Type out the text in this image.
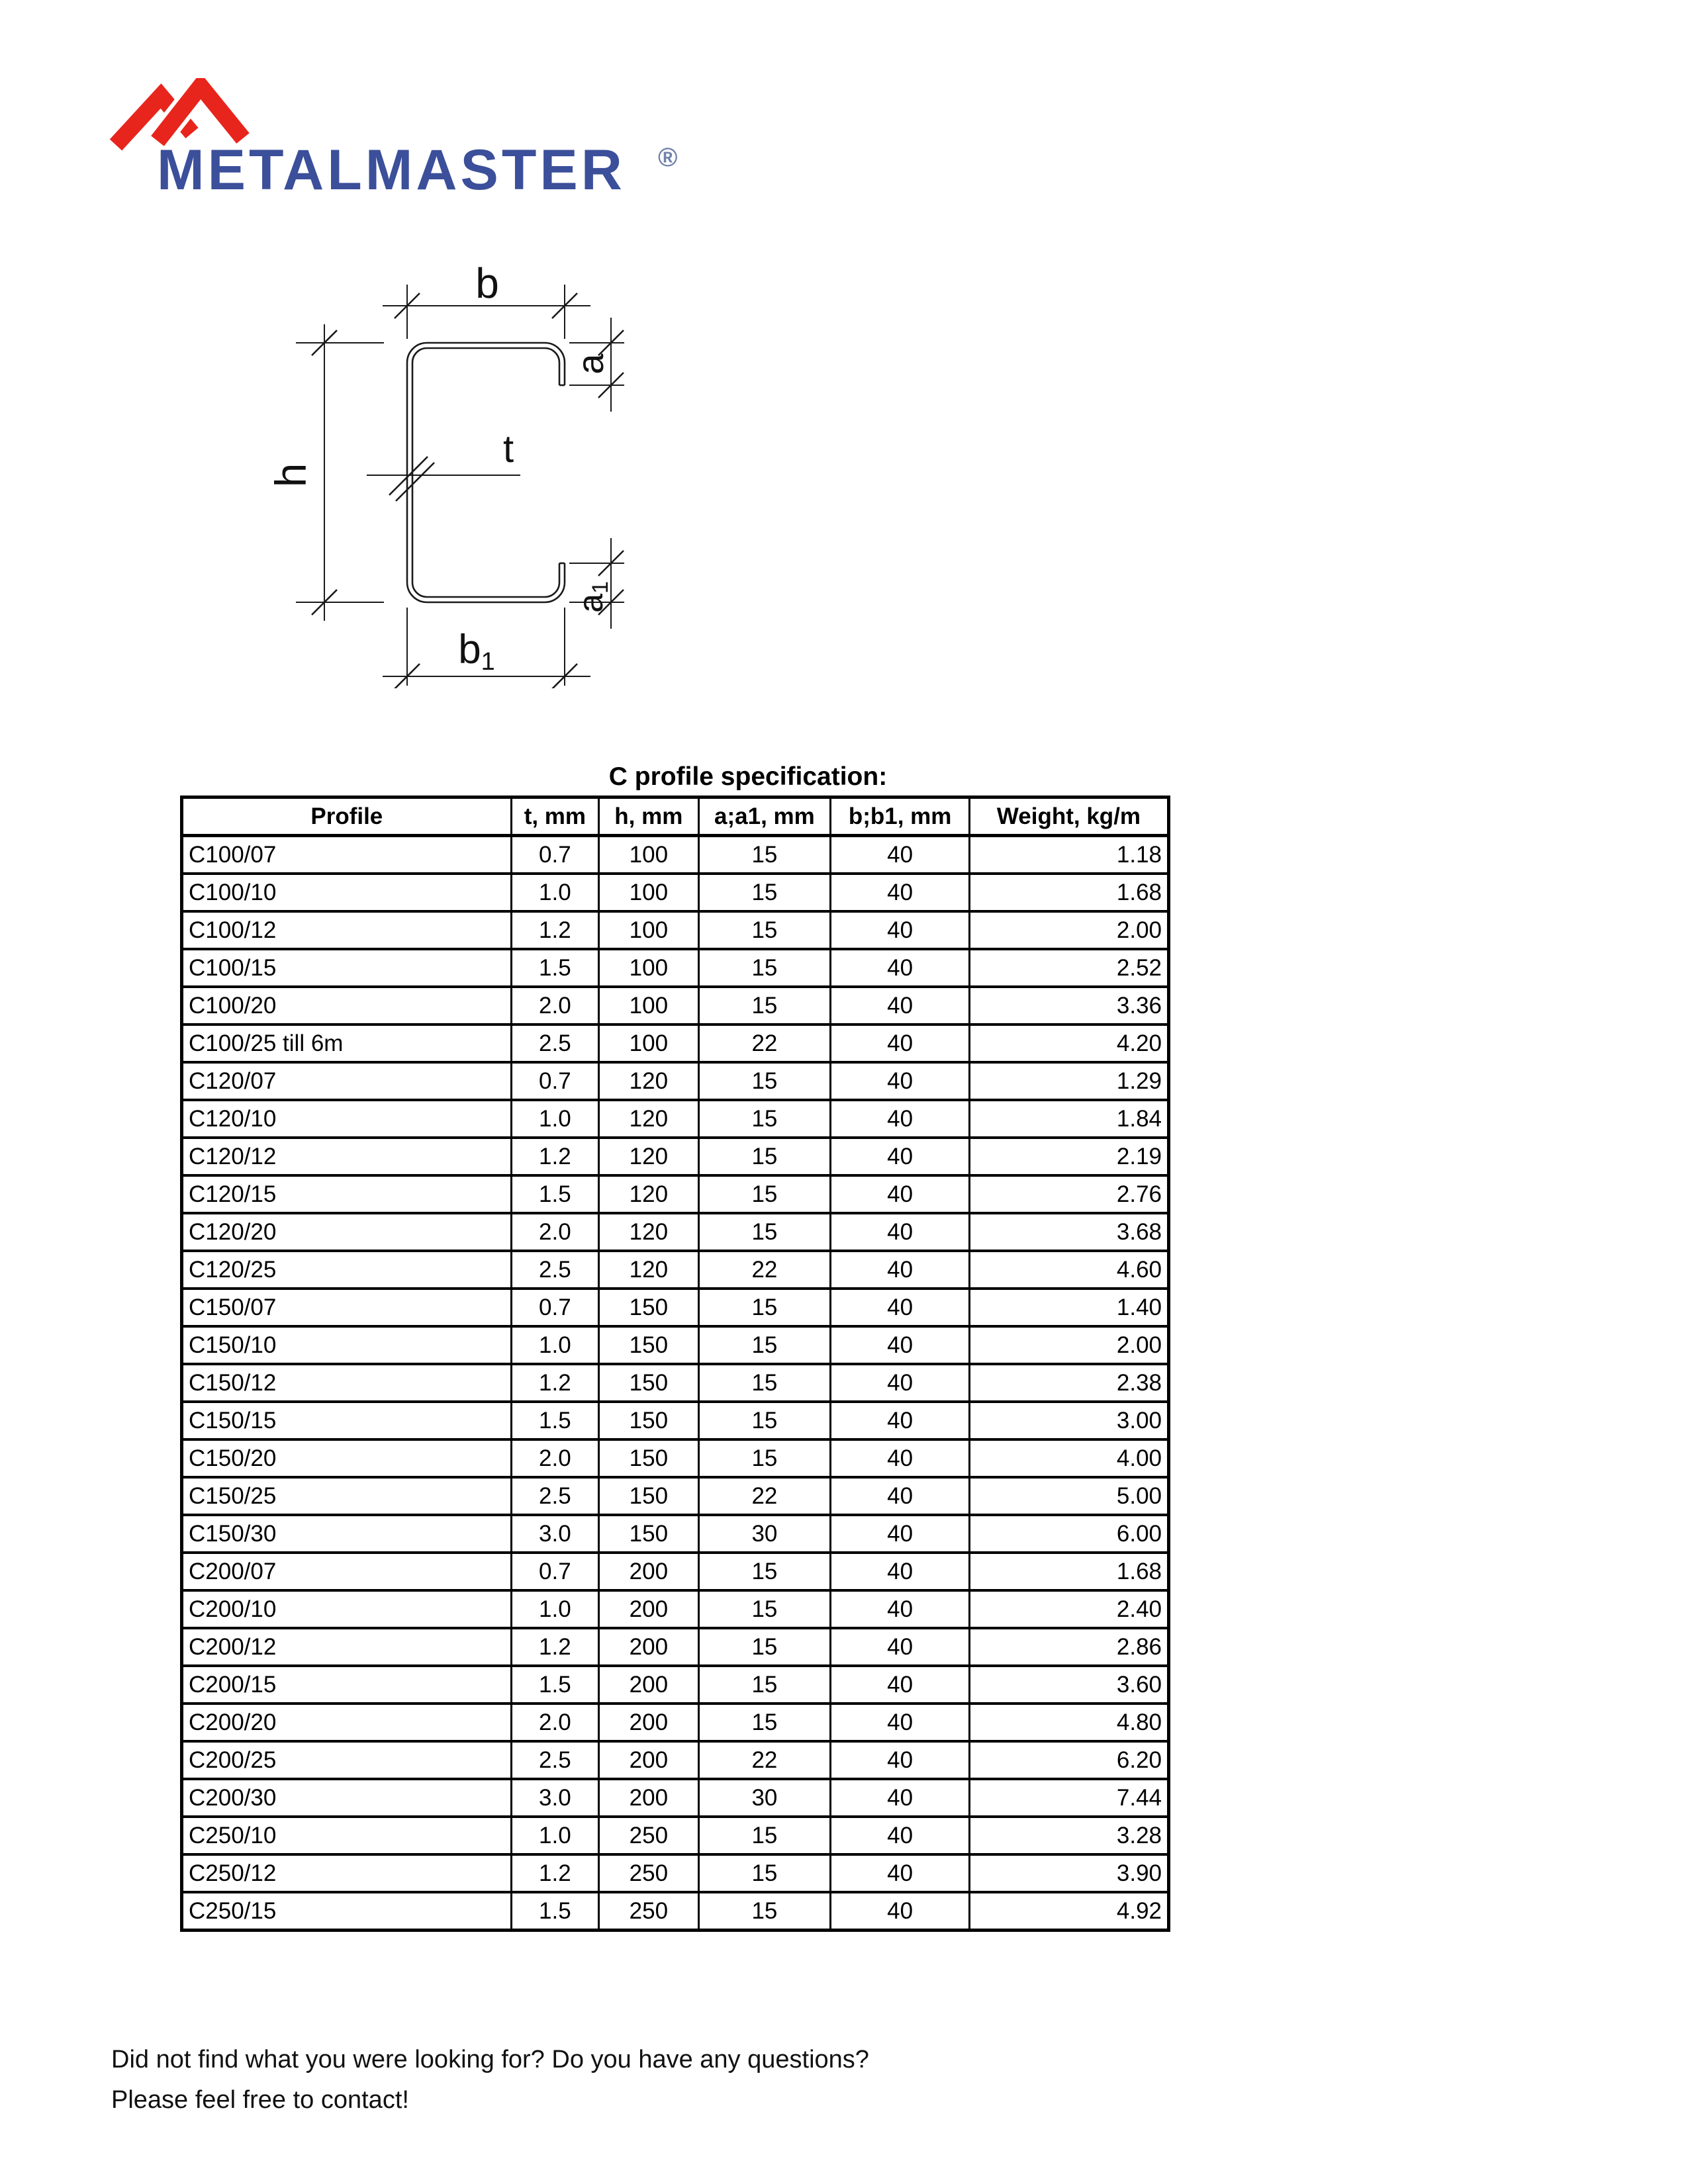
METALMASTER ®
b
h
t
a
a1
b1
C profile specification:
Profile	t, mm	h, mm	a;a1, mm	b;b1, mm	Weight, kg/m
C100/07	0.7	100	15	40	1.18
C100/10	1.0	100	15	40	1.68
C100/12	1.2	100	15	40	2.00
C100/15	1.5	100	15	40	2.52
C100/20	2.0	100	15	40	3.36
C100/25 till 6m	2.5	100	22	40	4.20
C120/07	0.7	120	15	40	1.29
C120/10	1.0	120	15	40	1.84
C120/12	1.2	120	15	40	2.19
C120/15	1.5	120	15	40	2.76
C120/20	2.0	120	15	40	3.68
C120/25	2.5	120	22	40	4.60
C150/07	0.7	150	15	40	1.40
C150/10	1.0	150	15	40	2.00
C150/12	1.2	150	15	40	2.38
C150/15	1.5	150	15	40	3.00
C150/20	2.0	150	15	40	4.00
C150/25	2.5	150	22	40	5.00
C150/30	3.0	150	30	40	6.00
C200/07	0.7	200	15	40	1.68
C200/10	1.0	200	15	40	2.40
C200/12	1.2	200	15	40	2.86
C200/15	1.5	200	15	40	3.60
C200/20	2.0	200	15	40	4.80
C200/25	2.5	200	22	40	6.20
C200/30	3.0	200	30	40	7.44
C250/10	1.0	250	15	40	3.28
C250/12	1.2	250	15	40	3.90
C250/15	1.5	250	15	40	4.92

Did not find what you were looking for? Do you have any questions?

Please feel free to contact!
